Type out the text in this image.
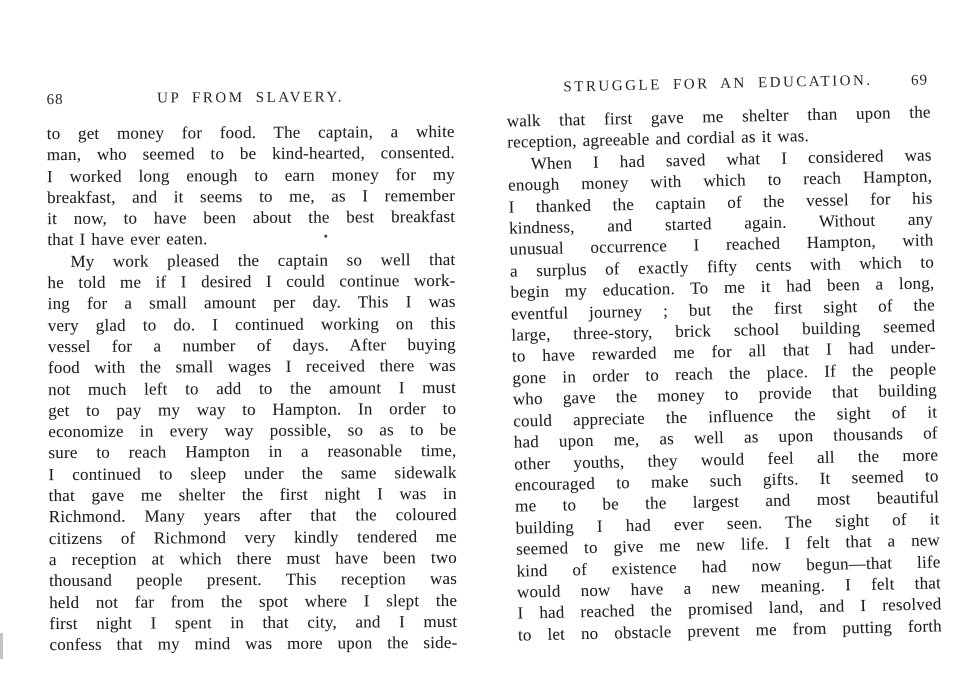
68	UP FROM SLAVERY.
to get money for food. The captain, a white
man, who seemed to be kind-hearted, consented.
I worked long enough to earn money for my
breakfast, and it seems to me, as I remember
it now, to have been about the best breakfast
that I have ever eaten.
My work pleased the captain so well that
he told me if I desired I could continue work-
ing for a small amount per day. This I was
very glad to do. I continued working on this
vessel for a number of days. After buying
food with the small wages I received there was
not much left to add to the amount I must
get to pay my way to Hampton. In order to
economize in every way possible, so as to be
sure to reach Hampton in a reasonable time,
I continued to sleep under the same sidewalk
that gave me shelter the first night I was in
Richmond. Many years after that the coloured
citizens of Richmond very kindly tendered me
a reception at which there must have been two
thousand people present. This reception was
held not far from the spot where I slept the
first night I spent in that city, and I must
confess that my mind was more upon the side-
STRUGGLE FOR AN EDUCATION.	69
walk that first gave me shelter than upon the
reception, agreeable and cordial as it was.
When I had saved what I considered was
enough money with which to reach Hampton,
I thanked the captain of the vessel for his
kindness, and started again. Without any
unusual occurrence I reached Hampton, with
a surplus of exactly fifty cents with which to
begin my education. To me it had been a long,
eventful journey ; but the first sight of the
large, three-story, brick school building seemed
to have rewarded me for all that I had under-
gone in order to reach the place. If the people
who gave the money to provide that building
could appreciate the influence the sight of it
had upon me, as well as upon thousands of
other youths, they would feel all the more
encouraged to make such gifts. It seemed to
me to be the largest and most beautiful
building I had ever seen. The sight of it
seemed to give me new life. I felt that a new
kind of existence had now begun—that life
would now have a new meaning. I felt that
I had reached the promised land, and I resolved
to let no obstacle prevent me from putting forth
